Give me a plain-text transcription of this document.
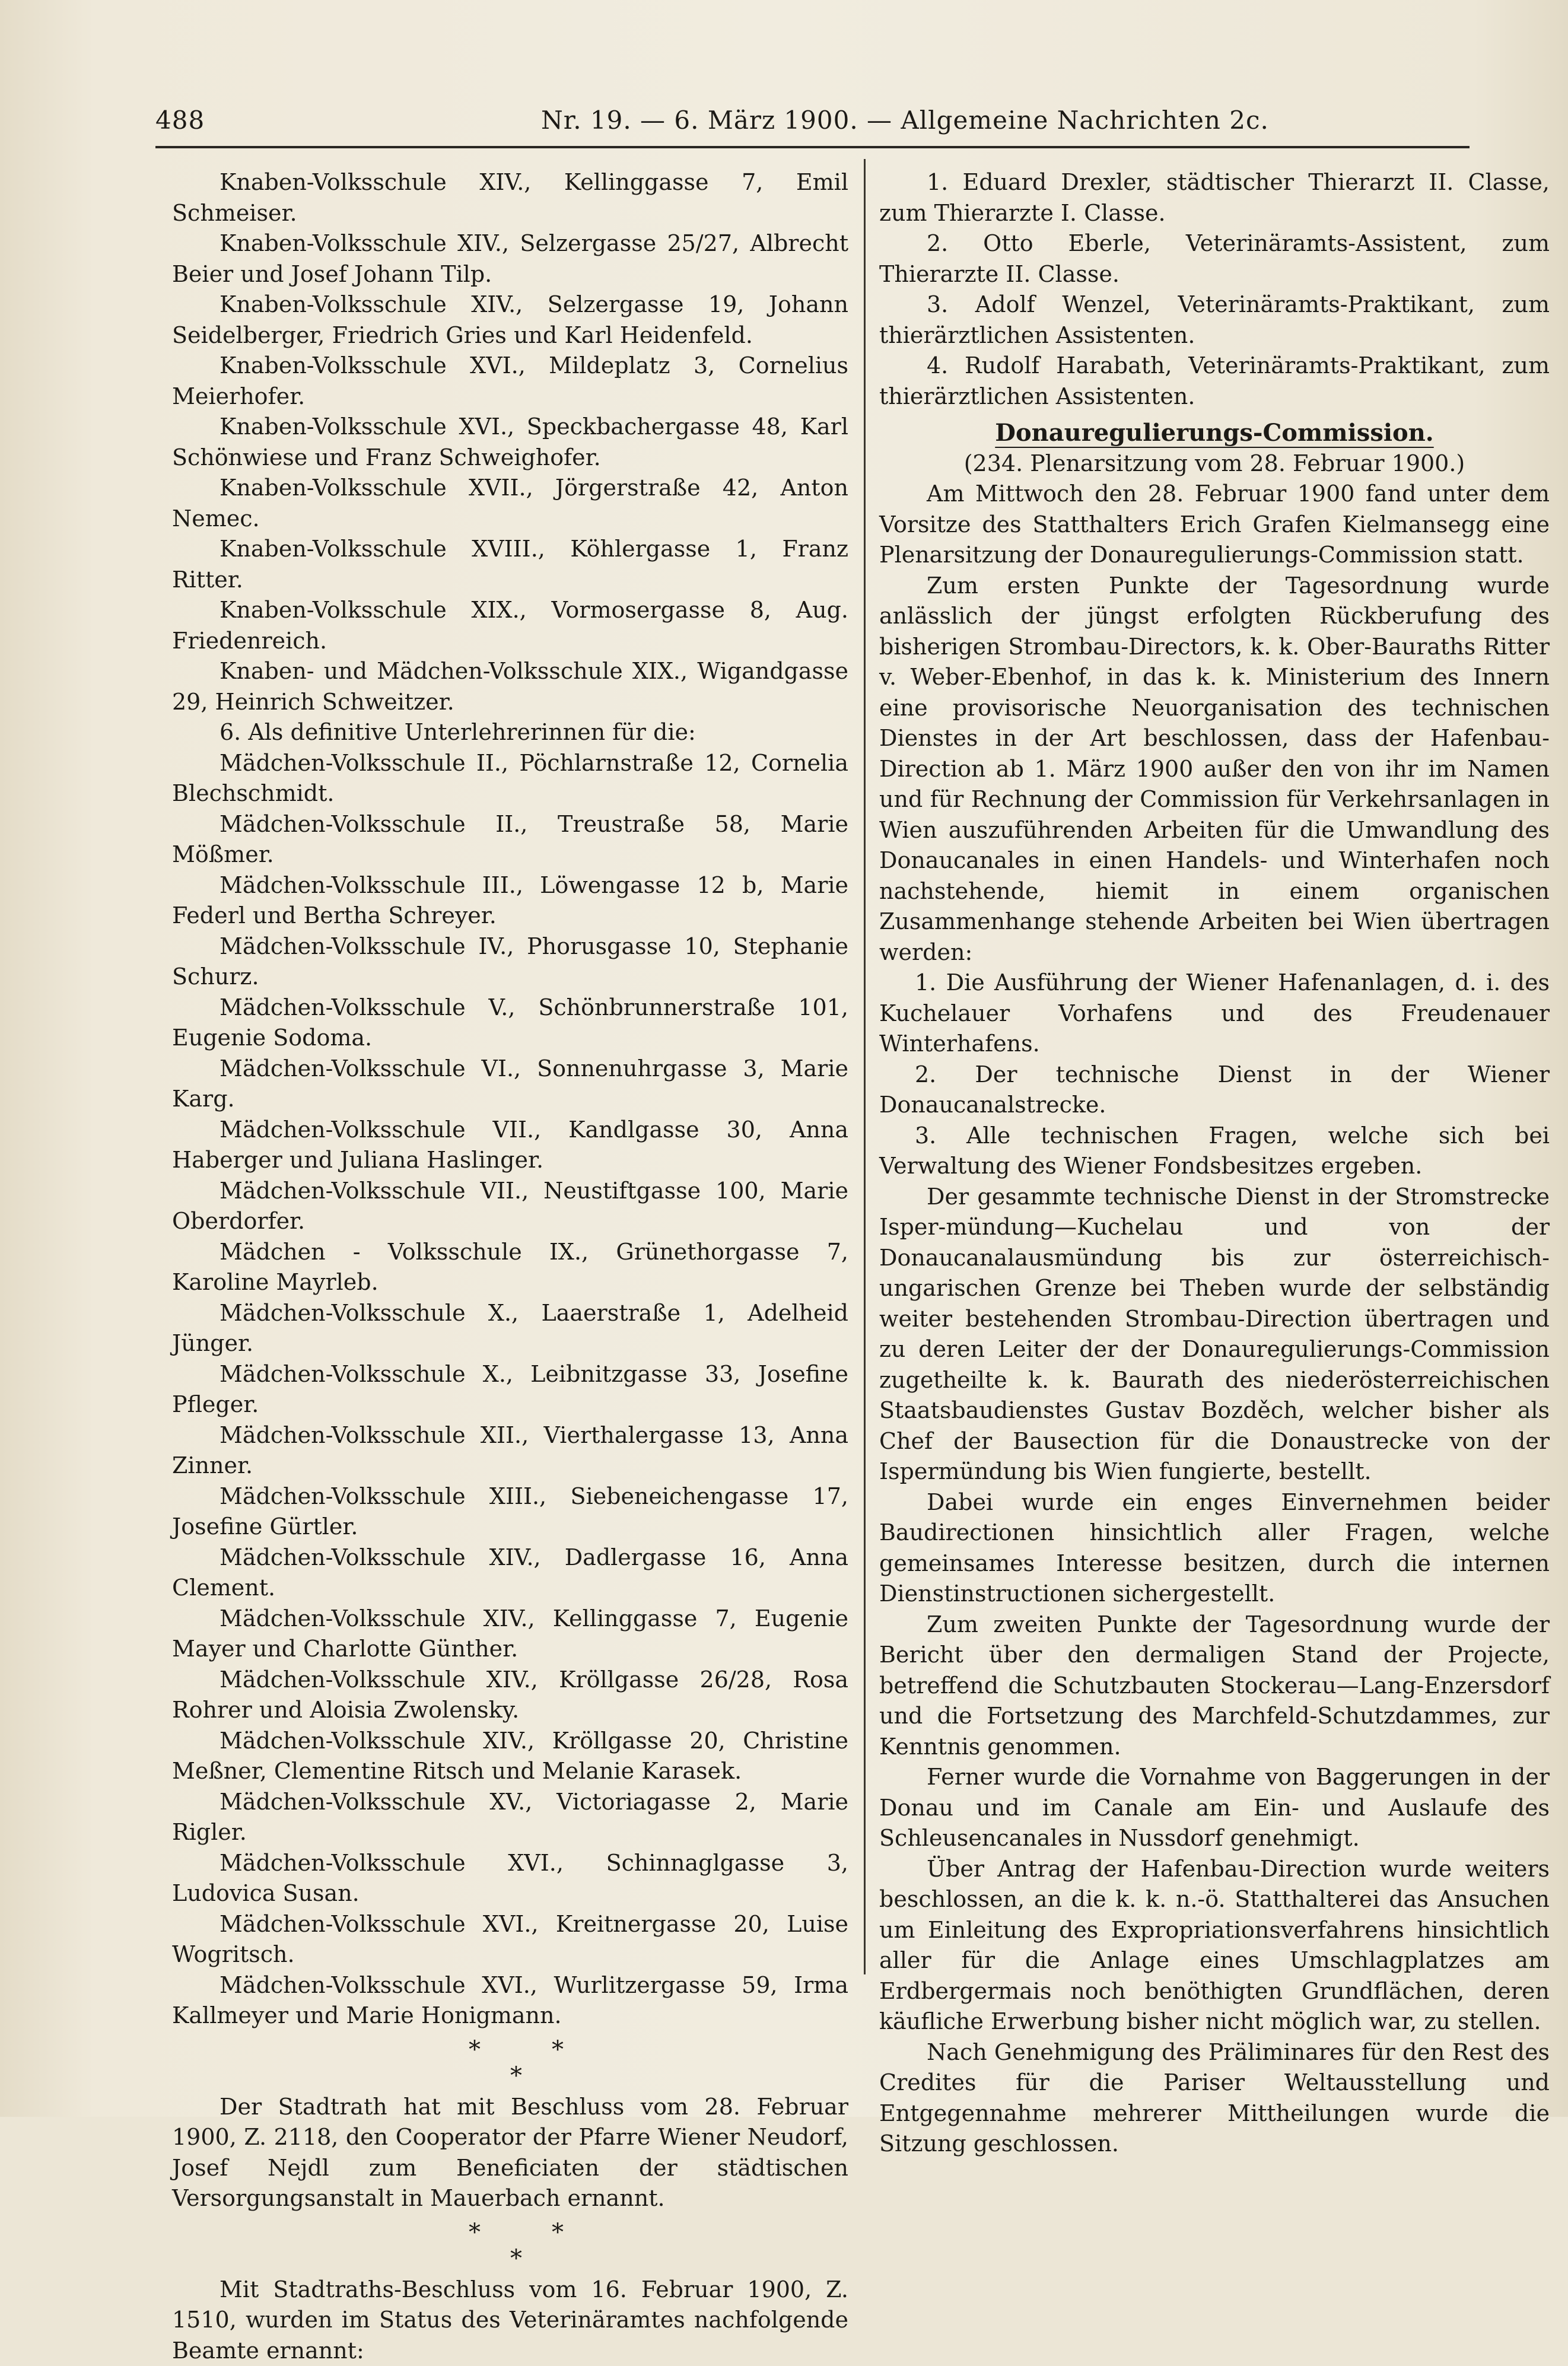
488	Nr. 19. — 6. März 1900. — Allgemeine Nachrichten 2c.

Knaben-Volksschule XIV., Kellinggasse 7, Emil Schmeiser.

Knaben-Volksschule XIV., Selzergasse 25/27, Albrecht Beier und Josef Johann Tilp.

Knaben-Volksschule XIV., Selzergasse 19, Johann Seidelberger, Friedrich Gries und Karl Heidenfeld.

Knaben-Volksschule XVI., Mildeplatz 3, Cornelius Meierhofer.

Knaben-Volksschule XVI., Speckbachergasse 48, Karl Schönwiese und Franz Schweighofer.

Knaben-Volksschule XVII., Jörgerstraße 42, Anton Nemec.

Knaben-Volksschule XVIII., Köhlergasse 1, Franz Ritter.

Knaben-Volksschule XIX., Vormosergasse 8, Aug. Friedenreich.

Knaben- und Mädchen-Volksschule XIX., Wigandgasse 29, Heinrich Schweitzer.

6. Als definitive Unterlehrerinnen für die:

Mädchen-Volksschule II., Pöchlarnstraße 12, Cornelia Blechschmidt.

Mädchen-Volksschule II., Treustraße 58, Marie Mößmer.

Mädchen-Volksschule III., Löwengasse 12 b, Marie Federl und Bertha Schreyer.

Mädchen-Volksschule IV., Phorusgasse 10, Stephanie Schurz.

Mädchen-Volksschule V., Schönbrunnerstraße 101, Eugenie Sodoma.

Mädchen-Volksschule VI., Sonnenuhrgasse 3, Marie Karg.

Mädchen-Volksschule VII., Kandlgasse 30, Anna Haberger und Juliana Haslinger.

Mädchen-Volksschule VII., Neustiftgasse 100, Marie Oberdorfer.

Mädchen - Volksschule IX., Grünethorgasse 7, Karoline Mayrleb.

Mädchen-Volksschule X., Laaerstraße 1, Adelheid Jünger.

Mädchen-Volksschule X., Leibnitzgasse 33, Josefine Pfleger.

Mädchen-Volksschule XII., Vierthalergasse 13, Anna Zinner.

Mädchen-Volksschule XIII., Siebeneichengasse 17, Josefine Gürtler.

Mädchen-Volksschule XIV., Dadlergasse 16, Anna Clement.

Mädchen-Volksschule XIV., Kellinggasse 7, Eugenie Mayer und Charlotte Günther.

Mädchen-Volksschule XIV., Kröllgasse 26/28, Rosa Rohrer und Aloisia Zwolensky.

Mädchen-Volksschule XIV., Kröllgasse 20, Christine Meßner, Clementine Ritsch und Melanie Karasek.

Mädchen-Volksschule XV., Victoriagasse 2, Marie Rigler.

Mädchen-Volksschule XVI., Schinnaglgasse 3, Ludovica Susan.

Mädchen-Volksschule XVI., Kreitnergasse 20, Luise Wogritsch.

Mädchen-Volksschule XVI., Wurlitzergasse 59, Irma Kallmeyer und Marie Honigmann.

*	*
*

Der Stadtrath hat mit Beschluss vom 28. Februar 1900, Z. 2118, den Cooperator der Pfarre Wiener Neudorf, Josef Nejdl zum Beneficiaten der städtischen Versorgungsanstalt in Mauerbach ernannt.

*	*
*

Mit Stadtraths-Beschluss vom 16. Februar 1900, Z. 1510, wurden im Status des Veterinäramtes nachfolgende Beamte ernannt:

1. Eduard Drexler, städtischer Thierarzt II. Classe, zum Thierarzte I. Classe.

2. Otto Eberle, Veterinäramts-Assistent, zum Thierarzte II. Classe.

3. Adolf Wenzel, Veterinäramts-Praktikant, zum thierärztlichen Assistenten.

4. Rudolf Harabath, Veterinäramts-Praktikant, zum thierärztlichen Assistenten.

Donauregulierungs-Commission.

(234. Plenarsitzung vom 28. Februar 1900.)

Am Mittwoch den 28. Februar 1900 fand unter dem Vorsitze des Statthalters Erich Grafen Kielmansegg eine Plenarsitzung der Donauregulierungs-Commission statt.

Zum ersten Punkte der Tagesordnung wurde anlässlich der jüngst erfolgten Rückberufung des bisherigen Strombau-Directors, k. k. Ober-Bauraths Ritter v. Weber-Ebenhof, in das k. k. Ministerium des Innern eine provisorische Neuorganisation des technischen Dienstes in der Art beschlossen, dass der Hafenbau-Direction ab 1. März 1900 außer den von ihr im Namen und für Rechnung der Commission für Verkehrsanlagen in Wien auszuführenden Arbeiten für die Umwandlung des Donaucanales in einen Handels- und Winterhafen noch nachstehende, hiemit in einem organischen Zusammenhange stehende Arbeiten bei Wien übertragen werden:

1. Die Ausführung der Wiener Hafenanlagen, d. i. des Kuchelauer Vorhafens und des Freudenauer Winterhafens.

2. Der technische Dienst in der Wiener Donaucanalstrecke.

3. Alle technischen Fragen, welche sich bei Verwaltung des Wiener Fondsbesitzes ergeben.

Der gesammte technische Dienst in der Stromstrecke Isper-mündung—Kuchelau und von der Donaucanalausmündung bis zur österreichisch-ungarischen Grenze bei Theben wurde der selbständig weiter bestehenden Strombau-Direction übertragen und zu deren Leiter der der Donauregulierungs-Commission zugetheilte k. k. Baurath des niederösterreichischen Staatsbaudienstes Gustav Bozděch, welcher bisher als Chef der Bausection für die Donaustrecke von der Ispermündung bis Wien fungierte, bestellt.

Dabei wurde ein enges Einvernehmen beider Baudirectionen hinsichtlich aller Fragen, welche gemeinsames Interesse besitzen, durch die internen Dienstinstructionen sichergestellt.

Zum zweiten Punkte der Tagesordnung wurde der Bericht über den dermaligen Stand der Projecte, betreffend die Schutzbauten Stockerau—Lang-Enzersdorf und die Fortsetzung des Marchfeld-Schutzdammes, zur Kenntnis genommen.

Ferner wurde die Vornahme von Baggerungen in der Donau und im Canale am Ein- und Auslaufe des Schleusencanales in Nussdorf genehmigt.

Über Antrag der Hafenbau-Direction wurde weiters beschlossen, an die k. k. n.-ö. Statthalterei das Ansuchen um Einleitung des Expropriationsverfahrens hinsichtlich aller für die Anlage eines Umschlagplatzes am Erdbergermais noch benöthigten Grundflächen, deren käufliche Erwerbung bisher nicht möglich war, zu stellen.

Nach Genehmigung des Präliminares für den Rest des Credites für die Pariser Weltausstellung und Entgegennahme mehrerer Mittheilungen wurde die Sitzung geschlossen.
